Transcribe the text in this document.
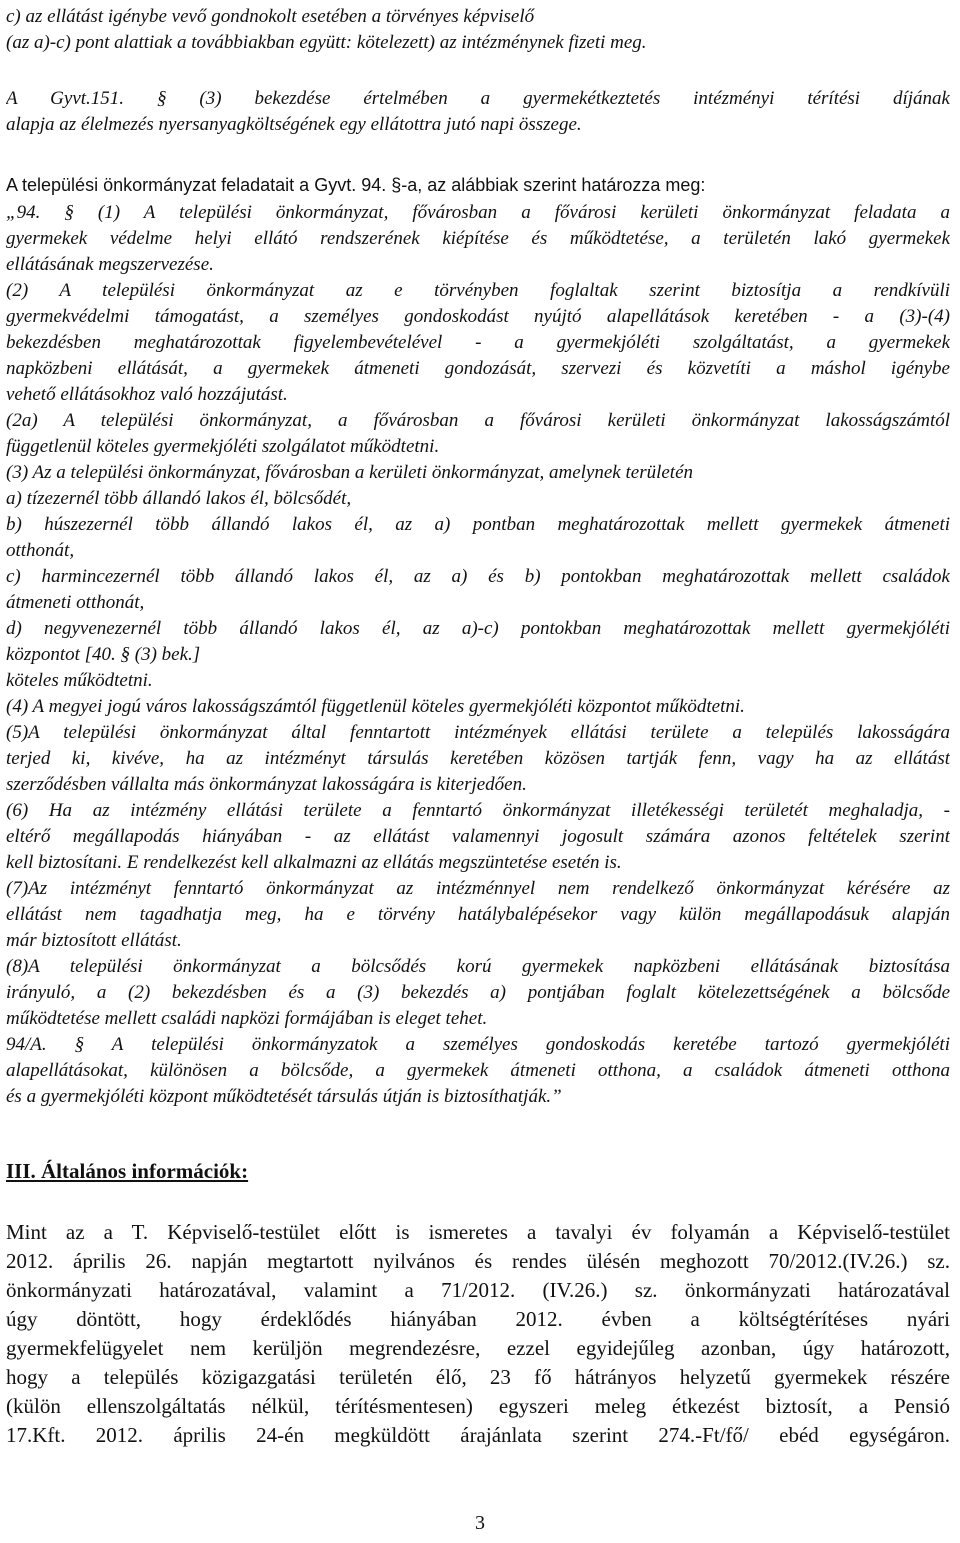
c) az ellátást igénybe vevő gondnokolt esetében a törvényes képviselő
(az a)-c) pont alattiak a továbbiakban együtt: kötelezett) az intézménynek fizeti meg.
A Gyvt.151. § (3) bekezdése értelmében a gyermekétkeztetés intézményi térítési díjának
alapja az élelmezés nyersanyagköltségének egy ellátottra jutó napi összege.
A települési önkormányzat feladatait a Gyvt. 94. §-a, az alábbiak szerint határozza meg:
„94. § (1) A települési önkormányzat, fővárosban a fővárosi kerületi önkormányzat feladata a
gyermekek védelme helyi ellátó rendszerének kiépítése és működtetése, a területén lakó gyermekek
ellátásának megszervezése.
(2) A települési önkormányzat az e törvényben foglaltak szerint biztosítja a rendkívüli
gyermekvédelmi támogatást, a személyes gondoskodást nyújtó alapellátások keretében - a (3)-(4)
bekezdésben meghatározottak figyelembevételével - a gyermekjóléti szolgáltatást, a gyermekek
napközbeni ellátását, a gyermekek átmeneti gondozását, szervezi és közvetíti a máshol igénybe
vehető ellátásokhoz való hozzájutást.
(2a) A települési önkormányzat, a fővárosban a fővárosi kerületi önkormányzat lakosságszámtól
függetlenül köteles gyermekjóléti szolgálatot működtetni.
(3) Az a települési önkormányzat, fővárosban a kerületi önkormányzat, amelynek területén
a) tízezernél több állandó lakos él, bölcsődét,
b) húszezernél több állandó lakos él, az a) pontban meghatározottak mellett gyermekek átmeneti
otthonát,
c) harmincezernél több állandó lakos él, az a) és b) pontokban meghatározottak mellett családok
átmeneti otthonát,
d) negyvenezernél több állandó lakos él, az a)-c) pontokban meghatározottak mellett gyermekjóléti
központot [40. § (3) bek.]
köteles működtetni.
(4) A megyei jogú város lakosságszámtól függetlenül köteles gyermekjóléti központot működtetni.
(5)A települési önkormányzat által fenntartott intézmények ellátási területe a település lakosságára
terjed ki, kivéve, ha az intézményt társulás keretében közösen tartják fenn, vagy ha az ellátást
szerződésben vállalta más önkormányzat lakosságára is kiterjedően.
(6) Ha az intézmény ellátási területe a fenntartó önkormányzat illetékességi területét meghaladja, -
eltérő megállapodás hiányában - az ellátást valamennyi jogosult számára azonos feltételek szerint
kell biztosítani. E rendelkezést kell alkalmazni az ellátás megszüntetése esetén is.
(7)Az intézményt fenntartó önkormányzat az intézménnyel nem rendelkező önkormányzat kérésére az
ellátást nem tagadhatja meg, ha e törvény hatálybalépésekor vagy külön megállapodásuk alapján
már biztosított ellátást.
(8)A települési önkormányzat a bölcsődés korú gyermekek napközbeni ellátásának biztosítása
irányuló, a (2) bekezdésben és a (3) bekezdés a) pontjában foglalt kötelezettségének a bölcsőde
működtetése mellett családi napközi formájában is eleget tehet.
94/A. § A települési önkormányzatok a személyes gondoskodás keretébe tartozó gyermekjóléti
alapellátásokat, különösen a bölcsőde, a gyermekek átmeneti otthona, a családok átmeneti otthona
és a gyermekjóléti központ működtetését társulás útján is biztosíthatják.”
III. Általános információk:
Mint az a T. Képviselő-testület előtt is ismeretes a tavalyi év folyamán a Képviselő-testület
2012. április 26. napján megtartott nyilvános és rendes ülésén meghozott 70/2012.(IV.26.) sz.
önkormányzati határozatával, valamint a 71/2012. (IV.26.) sz. önkormányzati határozatával
úgy döntött, hogy érdeklődés hiányában 2012. évben a költségtérítéses nyári
gyermekfelügyelet nem kerüljön megrendezésre, ezzel egyidejűleg azonban, úgy határozott,
hogy a település közigazgatási területén élő, 23 fő hátrányos helyzetű gyermekek részére
(külön ellenszolgáltatás nélkül, térítésmentesen) egyszeri meleg étkezést biztosít, a Pensió
17.Kft. 2012. április 24-én megküldött árajánlata szerint 274.-Ft/fő/ ebéd egységáron.
3
